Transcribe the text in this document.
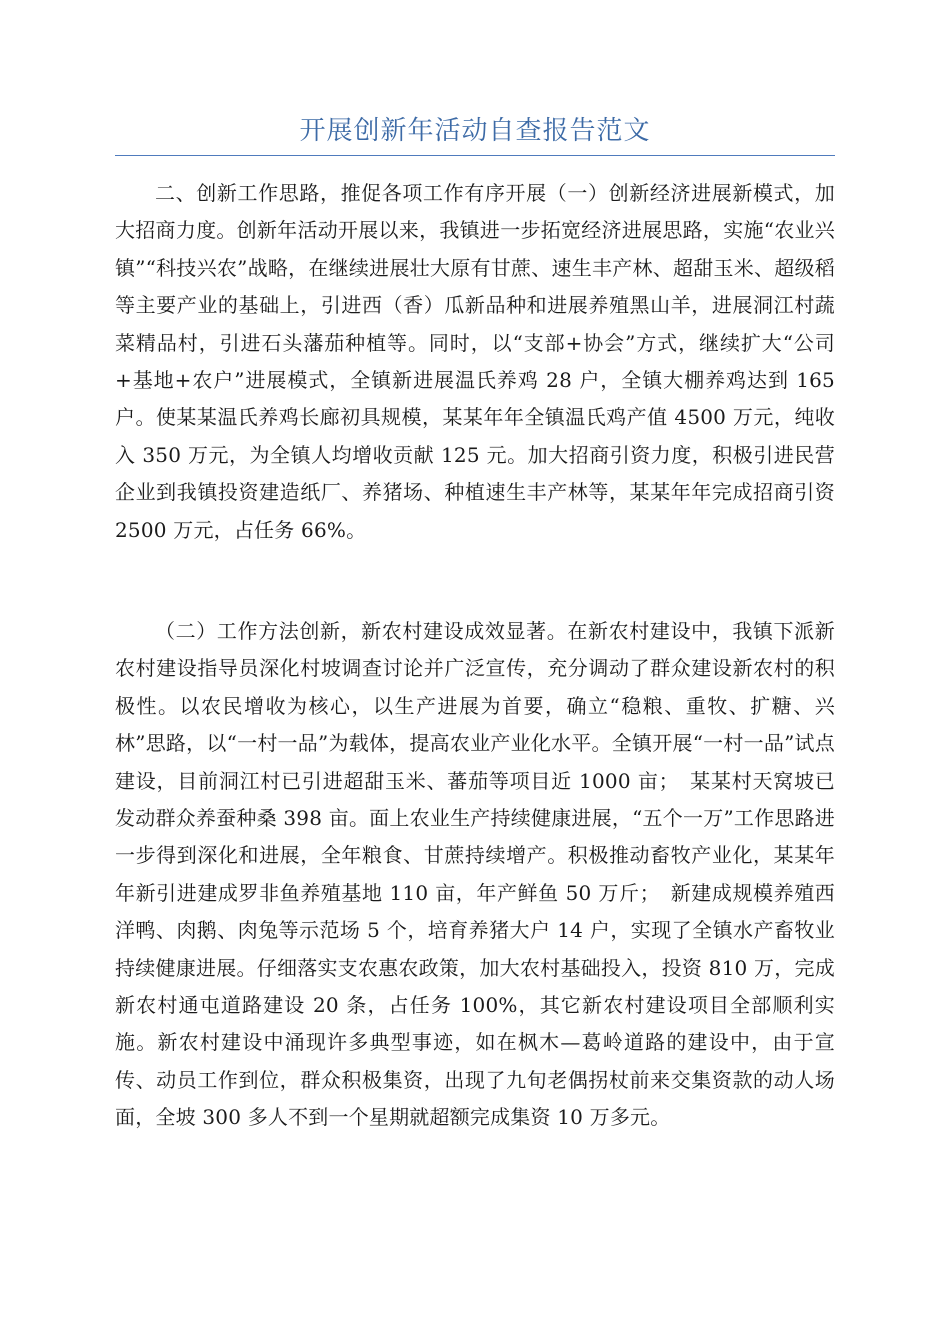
开展创新年活动自查报告范文

二、创新工作思路，推促各项工作有序开展（一）创新经济进展新模式，加大招商力度。创新年活动开展以来，我镇进一步拓宽经济进展思路，实施“农业兴镇”“科技兴农”战略，在继续进展壮大原有甘蔗、速生丰产林、超甜玉米、超级稻等主要产业的基础上，引进西（香）瓜新品种和进展养殖黑山羊，进展洞江村蔬菜精品村，引进石头藩茄种植等。同时，以“支部+协会”方式，继续扩大“公司+基地+农户”进展模式，全镇新进展温氏养鸡 28 户，全镇大棚养鸡达到 165 户。使某某温氏养鸡长廊初具规模，某某年年全镇温氏鸡产值 4500 万元，纯收入 350 万元，为全镇人均增收贡献 125 元。加大招商引资力度，积极引进民营企业到我镇投资建造纸厂、养猪场、种植速生丰产林等，某某年年完成招商引资 2500 万元，占任务 66%。

（二）工作方法创新，新农村建设成效显著。在新农村建设中，我镇下派新农村建设指导员深化村坡调查讨论并广泛宣传，充分调动了群众建设新农村的积极性。以农民增收为核心，以生产进展为首要，确立“稳粮、重牧、扩糖、兴林”思路，以“一村一品”为载体，提高农业产业化水平。全镇开展“一村一品”试点建设，目前洞江村已引进超甜玉米、蕃茄等项目近 1000 亩；　某某村天窝坡已发动群众养蚕种桑 398 亩。面上农业生产持续健康进展，“五个一万”工作思路进一步得到深化和进展，全年粮食、甘蔗持续增产。积极推动畜牧产业化，某某年年新引进建成罗非鱼养殖基地 110 亩，年产鲜鱼 50 万斤；　新建成规模养殖西洋鸭、肉鹅、肉兔等示范场 5 个，培育养猪大户 14 户，实现了全镇水产畜牧业持续健康进展。仔细落实支农惠农政策，加大农村基础投入，投资 810 万，完成新农村通屯道路建设 20 条，占任务 100%，其它新农村建设项目全部顺利实施。新农村建设中涌现许多典型事迹，如在枫木—葛岭道路的建设中，由于宣传、动员工作到位，群众积极集资，出现了九旬老偶拐杖前来交集资款的动人场面，全坡 300 多人不到一个星期就超额完成集资 10 万多元。
